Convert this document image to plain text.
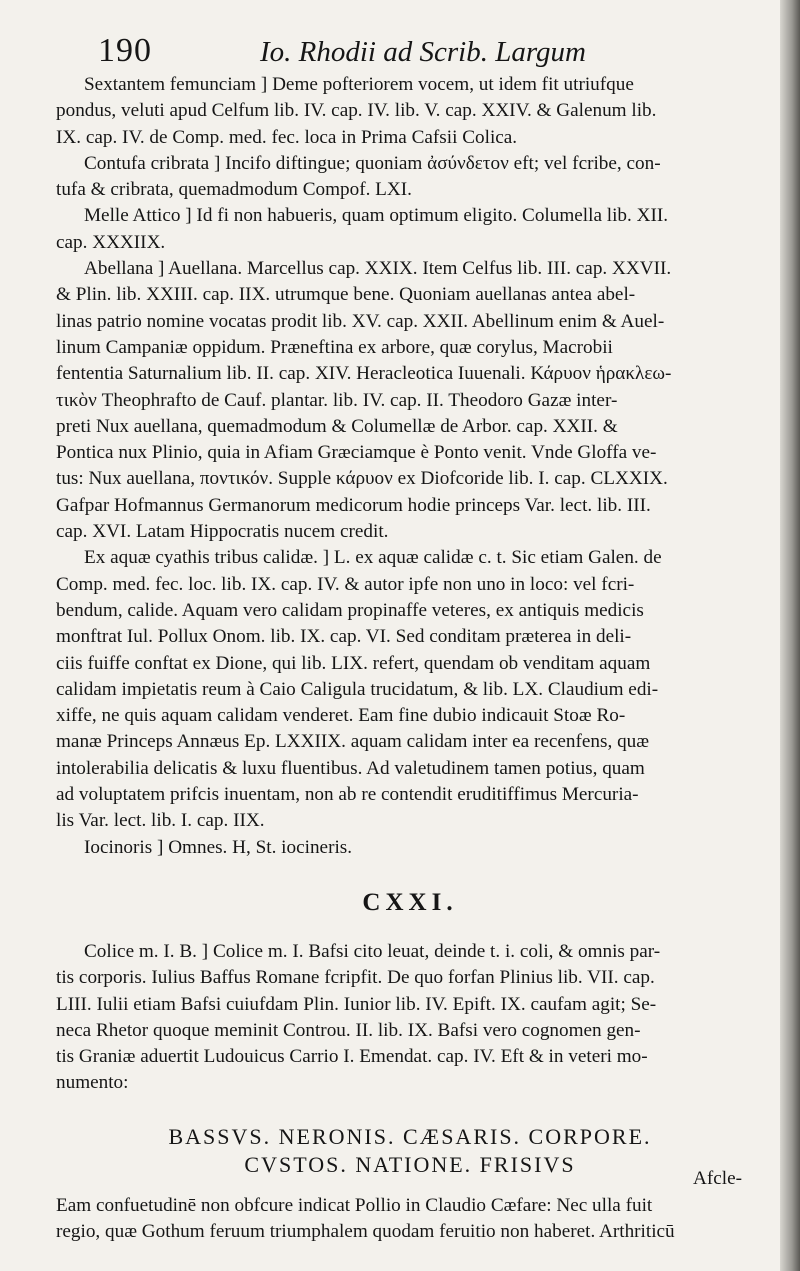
190	Io. Rhodii ad Scrib. Largum
Sextantem femunciam ] Deme pofteriorem vocem, ut idem fit utriufque
pondus, veluti apud Celfum lib. IV. cap. IV. lib. V. cap. XXIV. & Galenum lib.
IX. cap. IV. de Comp. med. fec. loca in Prima Cafsii Colica.
Contufa cribrata ] Incifo diftingue; quoniam ἀσύνδετον eft; vel fcribe, con-
tufa & cribrata, quemadmodum Compof. LXI.
Melle Attico ] Id fi non habueris, quam optimum eligito. Columella lib. XII.
cap. XXXIIX.
Abellana ] Auellana. Marcellus cap. XXIX. Item Celfus lib. III. cap. XXVII.
& Plin. lib. XXIII. cap. IIX. utrumque bene. Quoniam auellanas antea abel-
linas patrio nomine vocatas prodit lib. XV. cap. XXII. Abellinum enim & Auel-
linum Campaniæ oppidum. Præneftina ex arbore, quæ corylus, Macrobii
fententia Saturnalium lib. II. cap. XIV. Heracleotica Iuuenali. Κάρυον ἡρακλεω-
τικὸν Theophrafto de Cauf. plantar. lib. IV. cap. II. Theodoro Gazæ inter-
preti Nux auellana, quemadmodum & Columellæ de Arbor. cap. XXII. &
Pontica nux Plinio, quia in Afiam Græciamque è Ponto venit. Vnde Gloffa ve-
tus: Nux auellana, ποντικόν. Supple κάρυον ex Diofcoride lib. I. cap. CLXXIX.
Gafpar Hofmannus Germanorum medicorum hodie princeps Var. lect. lib. III.
cap. XVI. Latam Hippocratis nucem credit.
Ex aquæ cyathis tribus calidæ. ] L. ex aquæ calidæ c. t. Sic etiam Galen. de
Comp. med. fec. loc. lib. IX. cap. IV. & autor ipfe non uno in loco: vel fcri-
bendum, calide. Aquam vero calidam propinaffe veteres, ex antiquis medicis
monftrat Iul. Pollux Onom. lib. IX. cap. VI. Sed conditam præterea in deli-
ciis fuiffe conftat ex Dione, qui lib. LIX. refert, quendam ob venditam aquam
calidam impietatis reum à Caio Caligula trucidatum, & lib. LX. Claudium edi-
xiffe, ne quis aquam calidam venderet. Eam fine dubio indicauit Stoæ Ro-
manæ Princeps Annæus Ep. LXXIIX. aquam calidam inter ea recenfens, quæ
intolerabilia delicatis & luxu fluentibus. Ad valetudinem tamen potius, quam
ad voluptatem prifcis inuentam, non ab re contendit eruditiffimus Mercuria-
lis Var. lect. lib. I. cap. IIX.
Iocinoris ] Omnes. H, St. iocineris.
CXXI.
Colice m. I. B. ] Colice m. I. Bafsi cito leuat, deinde t. i. coli, & omnis par-
tis corporis. Iulius Baffus Romane fcripfit. De quo forfan Plinius lib. VII. cap.
LIII. Iulii etiam Bafsi cuiufdam Plin. Iunior lib. IV. Epift. IX. caufam agit; Se-
neca Rhetor quoque meminit Controu. II. lib. IX. Bafsi vero cognomen gen-
tis Graniæ aduertit Ludouicus Carrio I. Emendat. cap. IV. Eft & in veteri mo-
numento:
BASSVS. NERONIS. CÆSARIS. CORPORE.
CVSTOS. NATIONE. FRISIVS
Eam confuetudinē non obfcure indicat Pollio in Claudio Cæfare: Nec ulla fuit
regio, quæ Gothum feruum triumphalem quodam feruitio non haberet. Arthriticū
Afcle-
